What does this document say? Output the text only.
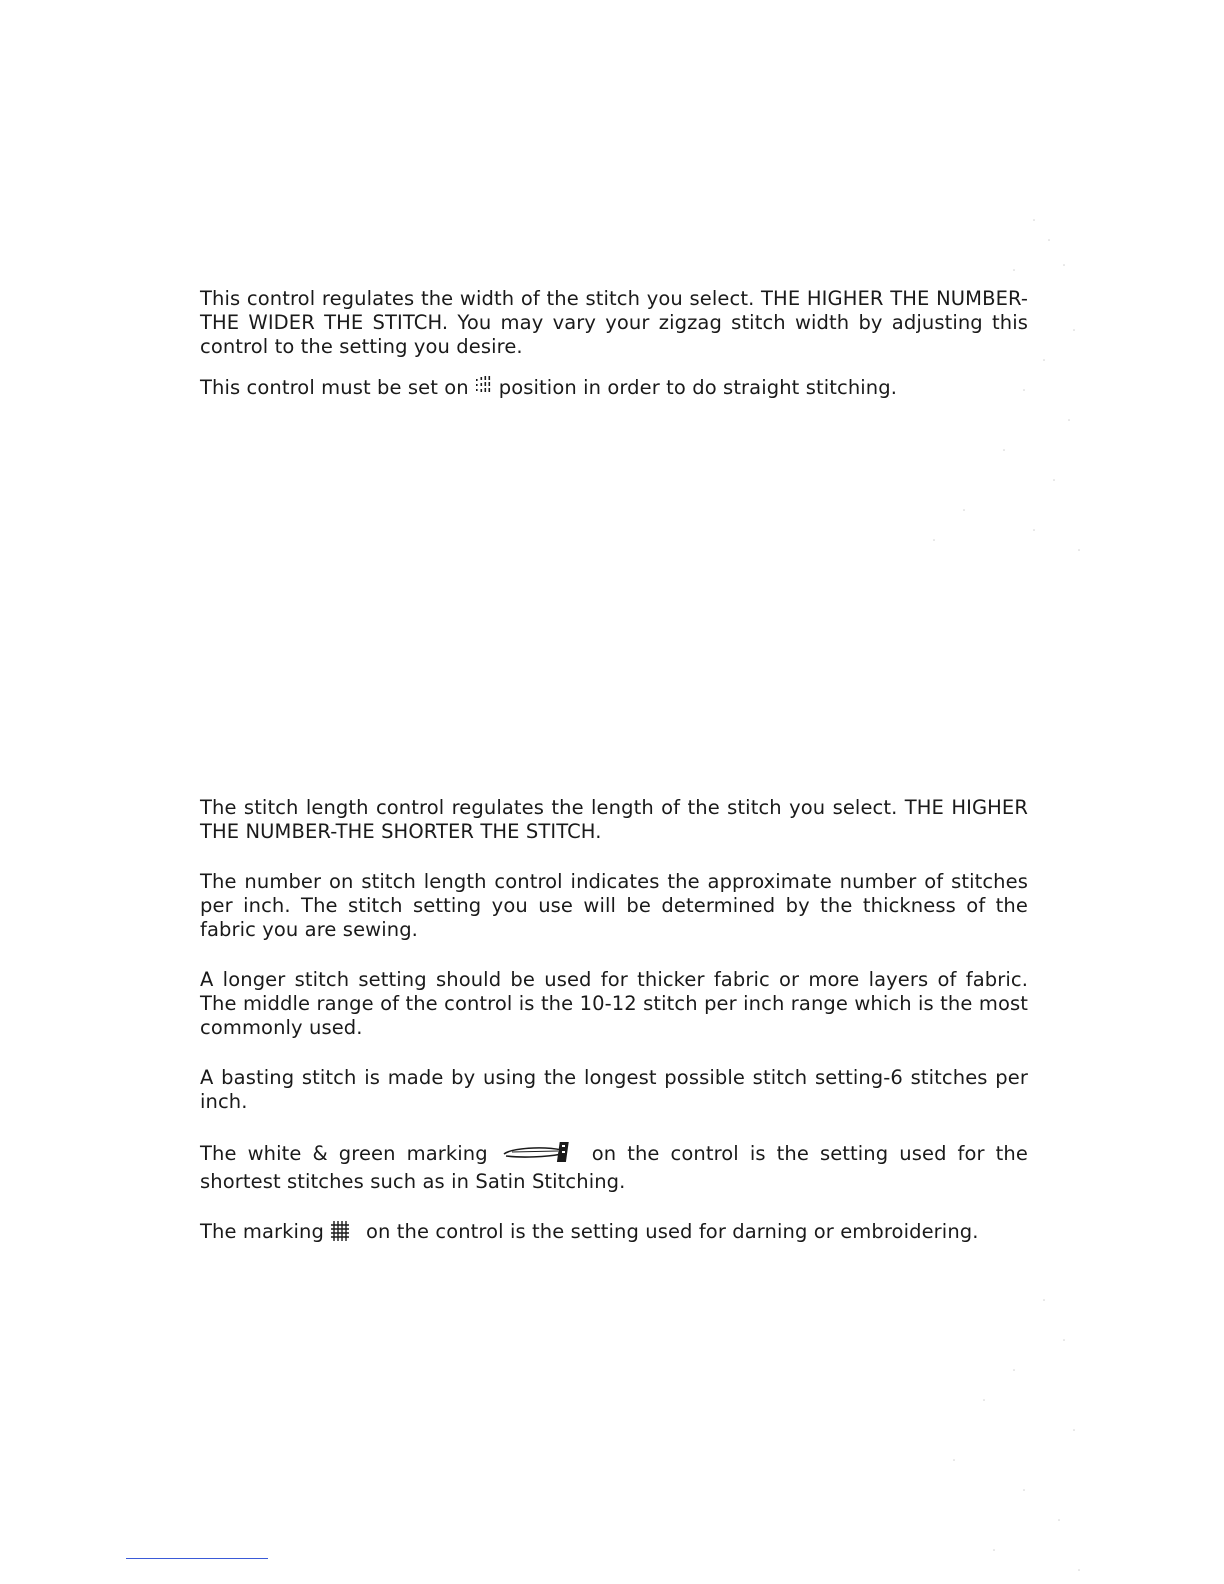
This control regulates the width of the stitch you select. THE HIGHER THE NUMBER-THE WIDER THE STITCH. You may vary your zigzag stitch width by adjusting this control to the setting you desire.

This control must be set on position in order to do straight stitching.

The stitch length control regulates the length of the stitch you select. THE HIGHER THE NUMBER-THE SHORTER THE STITCH.

The number on stitch length control indicates the approximate number of stitches per inch. The stitch setting you use will be determined by the thickness of the fabric you are sewing.

A longer stitch setting should be used for thicker fabric or more layers of fabric. The middle range of the control is the 10-12 stitch per inch range which is the most commonly used.

A basting stitch is made by using the longest possible stitch setting-6 stitches per inch.

The white & green marking	on the control is the setting used for the shortest stitches such as in Satin Stitching.

The marking on the control is the setting used for darning or embroidering.
